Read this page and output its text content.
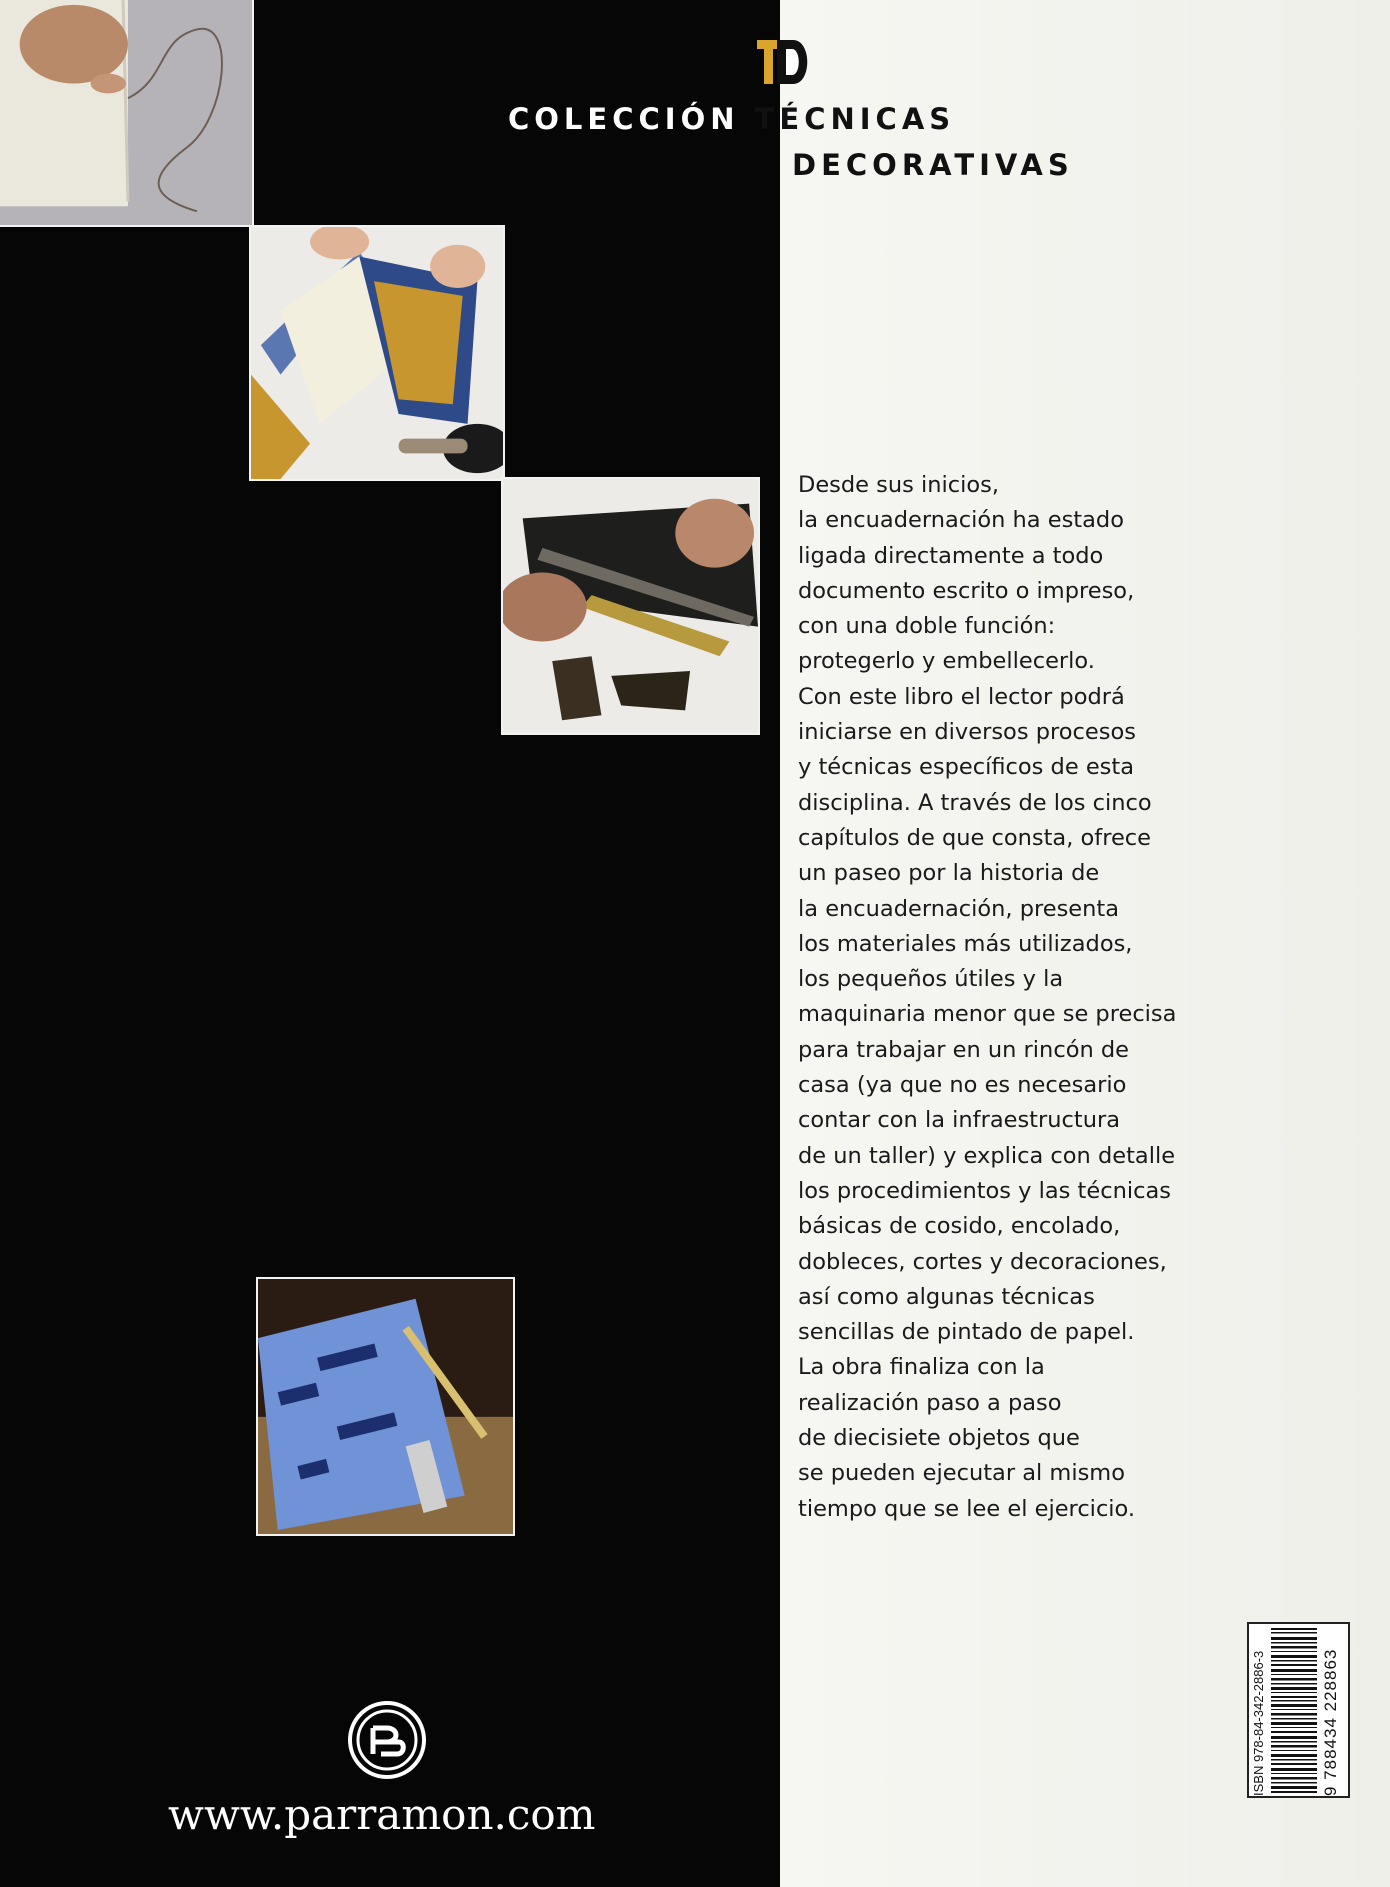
COLECCIÓN TÉCNICAS
DECORATIVAS
Desde sus inicios,
la encuadernación ha estado
ligada directamente a todo
documento escrito o impreso,
con una doble función:
protegerlo y embellecerlo.
Con este libro el lector podrá
iniciarse en diversos procesos
y técnicas específicos de esta
disciplina. A través de los cinco
capítulos de que consta, ofrece
un paseo por la historia de
la encuadernación, presenta
los materiales más utilizados,
los pequeños útiles y la
maquinaria menor que se precisa
para trabajar en un rincón de
casa (ya que no es necesario
contar con la infraestructura
de un taller) y explica con detalle
los procedimientos y las técnicas
básicas de cosido, encolado,
dobleces, cortes y decoraciones,
así como algunas técnicas
sencillas de pintado de papel.
La obra finaliza con la
realización paso a paso
de diecisiete objetos que
se pueden ejecutar al mismo
tiempo que se lee el ejercicio.
www.parramon.com
ISBN 978-84-342-2886-3	9 788434 228863
